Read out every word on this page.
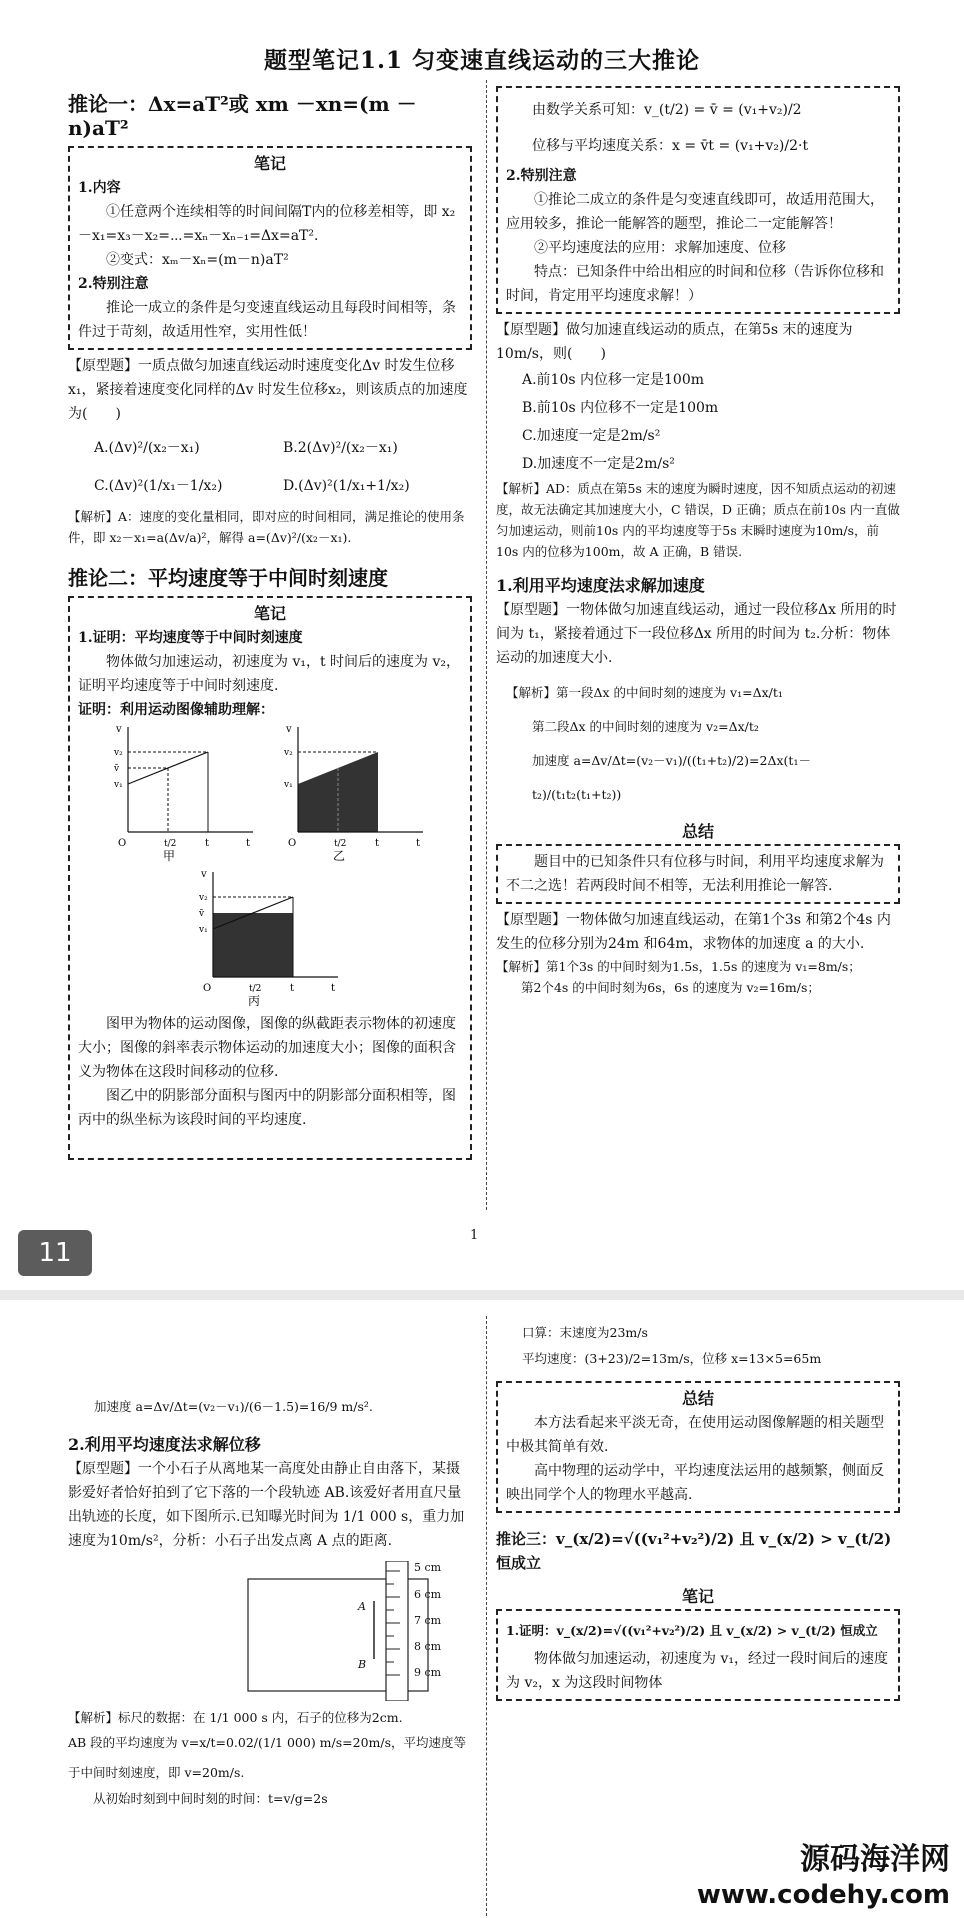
题型笔记1.1 匀变速直线运动的三大推论
推论一：Δx=aT²或 xm －xn=(m －n)aT²
笔记
1.内容

①任意两个连续相等的时间间隔T内的位移差相等，即 x₂－x₁=x₃－x₂=⋯=xₙ－xₙ₋₁=Δx=aT².

②变式：xₘ－xₙ=(m－n)aT²

2.特别注意

推论一成立的条件是匀变速直线运动且每段时间相等，条件过于苛刻，故适用性窄，实用性低！

【原型题】一质点做匀加速直线运动时速度变化Δv 时发生位移x₁，紧接着速度变化同样的Δv 时发生位移x₂，则该质点的加速度为(　　)

A.(Δv)²/(x₂－x₁)	B.2(Δv)²/(x₂－x₁)
C.(Δv)²(1/x₁－1/x₂)	D.(Δv)²(1/x₁+1/x₂)

【解析】A：速度的变化量相同，即对应的时间相同，满足推论的使用条件，即 x₂－x₁=a(Δv/a)²，解得 a=(Δv)²/(x₂－x₁).

推论二：平均速度等于中间时刻速度
笔记
1.证明：平均速度等于中间时刻速度

物体做匀加速运动，初速度为 v₁，t 时间后的速度为 v₂，证明平均速度等于中间时刻速度.

证明：利用运动图像辅助理解：

v
v₂
v̄
v₁
O	t/2	t	t
甲
v
v₂
v₁
O	t/2	t	t
乙
v
v₂
v̄
v₁
O	t/2	t	t
丙

图甲为物体的运动图像，图像的纵截距表示物体的初速度大小；图像的斜率表示物体运动的加速度大小；图像的面积含义为物体在这段时间移动的位移.

图乙中的阴影部分面积与图丙中的阴影部分面积相等，图丙中的纵坐标为该段时间的平均速度.

由数学关系可知：v_(t/2) = v̄ = (v₁+v₂)/2

位移与平均速度关系：x = v̄t = (v₁+v₂)/2·t

2.特别注意

①推论二成立的条件是匀变速直线即可，故适用范围大，应用较多，推论一能解答的题型，推论二一定能解答！

②平均速度法的应用：求解加速度、位移

特点：已知条件中给出相应的时间和位移（告诉你位移和时间，肯定用平均速度求解！）

【原型题】做匀加速直线运动的质点，在第5s 末的速度为10m/s，则(　　)

A.前10s 内位移一定是100m
B.前10s 内位移不一定是100m
C.加速度一定是2m/s²
D.加速度不一定是2m/s²

【解析】AD：质点在第5s 末的速度为瞬时速度，因不知质点运动的初速度，故无法确定其加速度大小，C 错误，D 正确；质点在前10s 内一直做匀加速运动，则前10s 内的平均速度等于5s 末瞬时速度为10m/s，前10s 内的位移为100m，故 A 正确，B 错误.

1.利用平均速度法求解加速度

【原型题】一物体做匀加速直线运动，通过一段位移Δx 所用的时间为 t₁，紧接着通过下一段位移Δx 所用的时间为 t₂.分析：物体运动的加速度大小.

【解析】第一段Δx 的中间时刻的速度为 v₁=Δx/t₁
第二段Δx 的中间时刻的速度为 v₂=Δx/t₂
加速度 a=Δv/Δt=(v₂－v₁)/((t₁+t₂)/2)=2Δx(t₁－t₂)/(t₁t₂(t₁+t₂))
总结

题目中的已知条件只有位移与时间，利用平均速度求解为不二之选！若两段时间不相等，无法利用推论一解答.

【原型题】一物体做匀加速直线运动，在第1个3s 和第2个4s 内发生的位移分别为24m 和64m，求物体的加速度 a 的大小.

【解析】第1个3s 的中间时刻为1.5s，1.5s 的速度为 v₁=8m/s；

第2个4s 的中间时刻为6s，6s 的速度为 v₂=16m/s；

11
1

加速度 a=Δv/Δt=(v₂－v₁)/(6－1.5)=16/9 m/s².

2.利用平均速度法求解位移

【原型题】一个小石子从离地某一高度处由静止自由落下，某摄影爱好者恰好拍到了它下落的一个段轨迹 AB.该爱好者用直尺量出轨迹的长度，如下图所示.已知曝光时间为 1/1 000 s，重力加速度为10m/s²，分析：小石子出发点离 A 点的距离.

5 cm
6 cm
7 cm
8 cm
9 cm
A
B

【解析】标尺的数据：在 1/1 000 s 内，石子的位移为2cm.

AB 段的平均速度为 v=x/t=0.02/(1/1 000) m/s=20m/s，平均速度等于中间时刻速度，即 v=20m/s.

从初始时刻到中间时刻的时间：t=v/g=2s

口算：末速度为23m/s

平均速度：(3+23)/2=13m/s，位移 x=13×5=65m

总结

本方法看起来平淡无奇，在使用运动图像解题的相关题型中极其简单有效.

高中物理的运动学中，平均速度法运用的越频繁，侧面反映出同学个人的物理水平越高.

推论三：v_(x/2)=√((v₁²+v₂²)/2) 且 v_(x/2) > v_(t/2) 恒成立
笔记

1.证明：v_(x/2)=√((v₁²+v₂²)/2) 且 v_(x/2) > v_(t/2) 恒成立

物体做匀加速运动，初速度为 v₁，经过一段时间后的速度为 v₂，x 为这段时间物体

源码海洋网
www.codehy.com
